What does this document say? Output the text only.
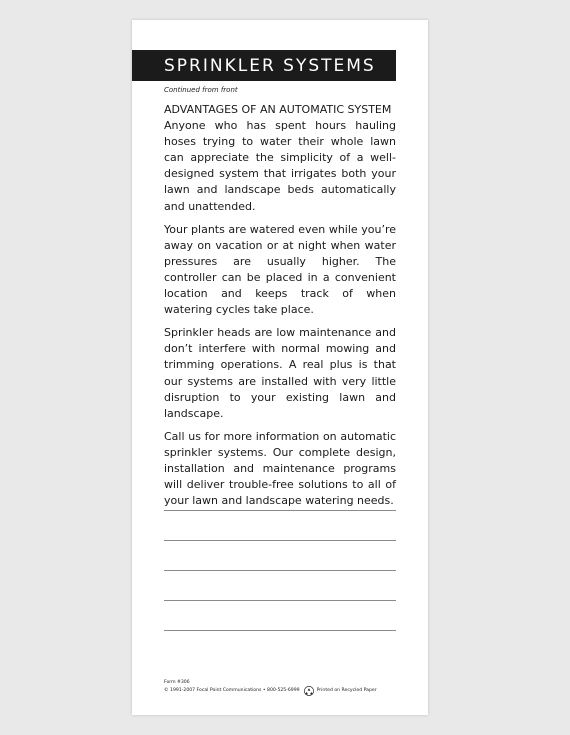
SPRINKLER SYSTEMS
Continued from front

ADVANTAGES OF AN AUTOMATIC SYSTEM

Anyone who has spent hours hauling hoses trying to water their whole lawn can appreciate the simplicity of a well-designed system that irrigates both your lawn and landscape beds automatically and unattended.

Your plants are watered even while you’re away on vacation or at night when water pressures are usually higher. The controller can be placed in a convenient location and keeps track of when watering cycles take place.

Sprinkler heads are low maintenance and don’t interfere with normal mowing and trimming operations. A real plus is that our systems are installed with very little disruption to your existing lawn and landscape.

Call us for more information on automatic sprinkler systems. Our complete design, installation and maintenance programs will deliver trouble-free solutions to all of your lawn and landscape watering needs.

Form #306
© 1991-2007 Focal Point Communications • 800-525-6999	Printed on Recycled Paper
